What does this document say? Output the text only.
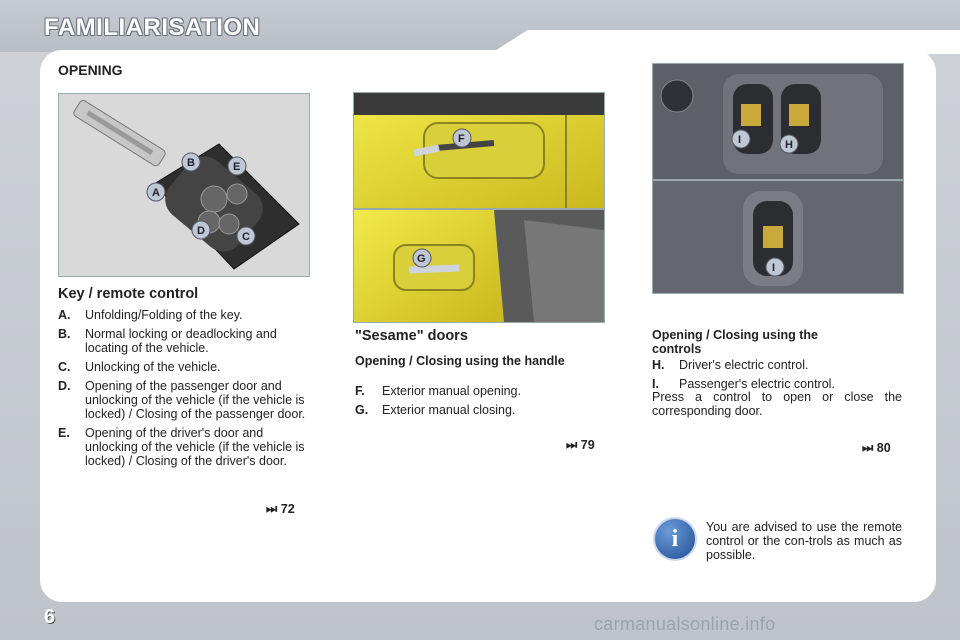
FAMILIARISATION
OPENING
B	E
A
D	C
F
G
I	H
I
Key / remote control
A.	Unfolding/Folding of the key.
B.	Normal locking or deadlocking and locating of the vehicle.
C.	Unlocking of the vehicle.
D.	Opening of the passenger door and unlocking of the vehicle (if the vehicle is locked) / Closing of the passenger door.
E.	Opening of the driver's door and unlocking of the vehicle (if the vehicle is locked) / Closing of the driver's door.
⏭ 72
"Sesame" doors
Opening / Closing using the handle
F.	Exterior manual opening.
G.	Exterior manual closing.
⏭ 79
Opening / Closing using the controls
H.	Driver's electric control.
I.	Passenger's electric control.
Press a control to open or close the corresponding door.
⏭ 80
i	You are advised to use the remote control or the con-trols as much as possible.
6	carmanualsonline.info
